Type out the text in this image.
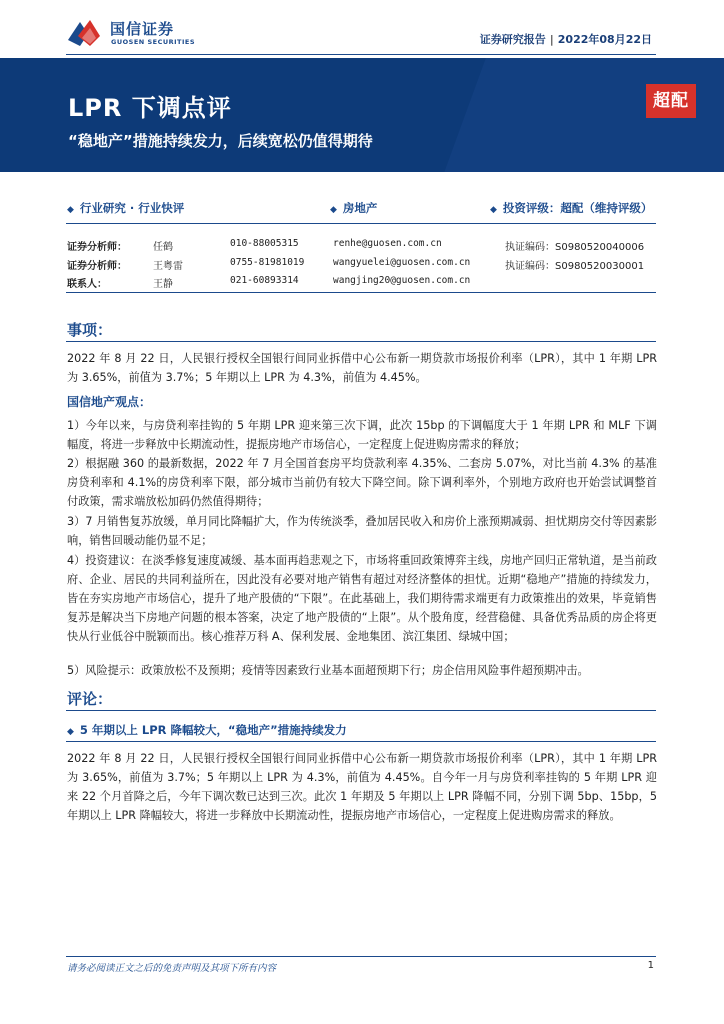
国信证券
GUOSEN SECURITIES	证券研究报告 | 2022年08月22日
LPR 下调点评
“稳地产”措施持续发力，后续宽松仍值得期待
超配
◆ 行业研究 · 行业快评	◆ 房地产	◆ 投资评级：超配（维持评级）
证券分析师：	任鹤	010-88005315	renhe@guosen.com.cn	执证编码：S0980520040006
证券分析师：	王粤雷	0755-81981019	wangyuelei@guosen.com.cn	执证编码：S0980520030001
联系人：	王静	021-60893314	wangjing20@guosen.com.cn
事项：
2022 年 8 月 22 日，人民银行授权全国银行间同业拆借中心公布新一期贷款市场报价利率（LPR），其中 1 年期 LPR 为 3.65%，前值为 3.7%；5 年期以上 LPR 为 4.3%，前值为 4.45%。
国信地产观点：
1）今年以来，与房贷利率挂钩的 5 年期 LPR 迎来第三次下调，此次 15bp 的下调幅度大于 1 年期 LPR 和 MLF 下调幅度，将进一步释放中长期流动性，提振房地产市场信心，一定程度上促进购房需求的释放；
2）根据融 360 的最新数据，2022 年 7 月全国首套房平均贷款利率 4.35%、二套房 5.07%，对比当前 4.3% 的基准房贷利率和 4.1%的房贷利率下限，部分城市当前仍有较大下降空间。除下调利率外，个别地方政府也开始尝试调整首付政策，需求端放松加码仍然值得期待；
3）7 月销售复苏放缓，单月同比降幅扩大，作为传统淡季，叠加居民收入和房价上涨预期减弱、担忧期房交付等因素影响，销售回暖动能仍显不足；
4）投资建议：在淡季修复速度减缓、基本面再趋悲观之下，市场将重回政策博弈主线，房地产回归正常轨道，是当前政府、企业、居民的共同利益所在，因此没有必要对地产销售有超过对经济整体的担忧。近期“稳地产”措施的持续发力，皆在夯实房地产市场信心，提升了地产股债的“下限”。在此基础上，我们期待需求端更有力政策推出的效果，毕竟销售复苏是解决当下房地产问题的根本答案，决定了地产股债的“上限”。从个股角度，经营稳健、具备优秀品质的房企将更快从行业低谷中脱颖而出。核心推荐万科 A、保利发展、金地集团、滨江集团、绿城中国；
5）风险提示：政策放松不及预期；疫情等因素致行业基本面超预期下行；房企信用风险事件超预期冲击。
评论：
◆ 5 年期以上 LPR 降幅较大，“稳地产”措施持续发力
2022 年 8 月 22 日，人民银行授权全国银行间同业拆借中心公布新一期贷款市场报价利率（LPR），其中 1 年期 LPR 为 3.65%，前值为 3.7%；5 年期以上 LPR 为 4.3%，前值为 4.45%。自今年一月与房贷利率挂钩的 5 年期 LPR 迎来 22 个月首降之后，今年下调次数已达到三次。此次 1 年期及 5 年期以上 LPR 降幅不同，分别下调 5bp、15bp，5 年期以上 LPR 降幅较大，将进一步释放中长期流动性，提振房地产市场信心，一定程度上促进购房需求的释放。
请务必阅读正文之后的免责声明及其项下所有内容	1
